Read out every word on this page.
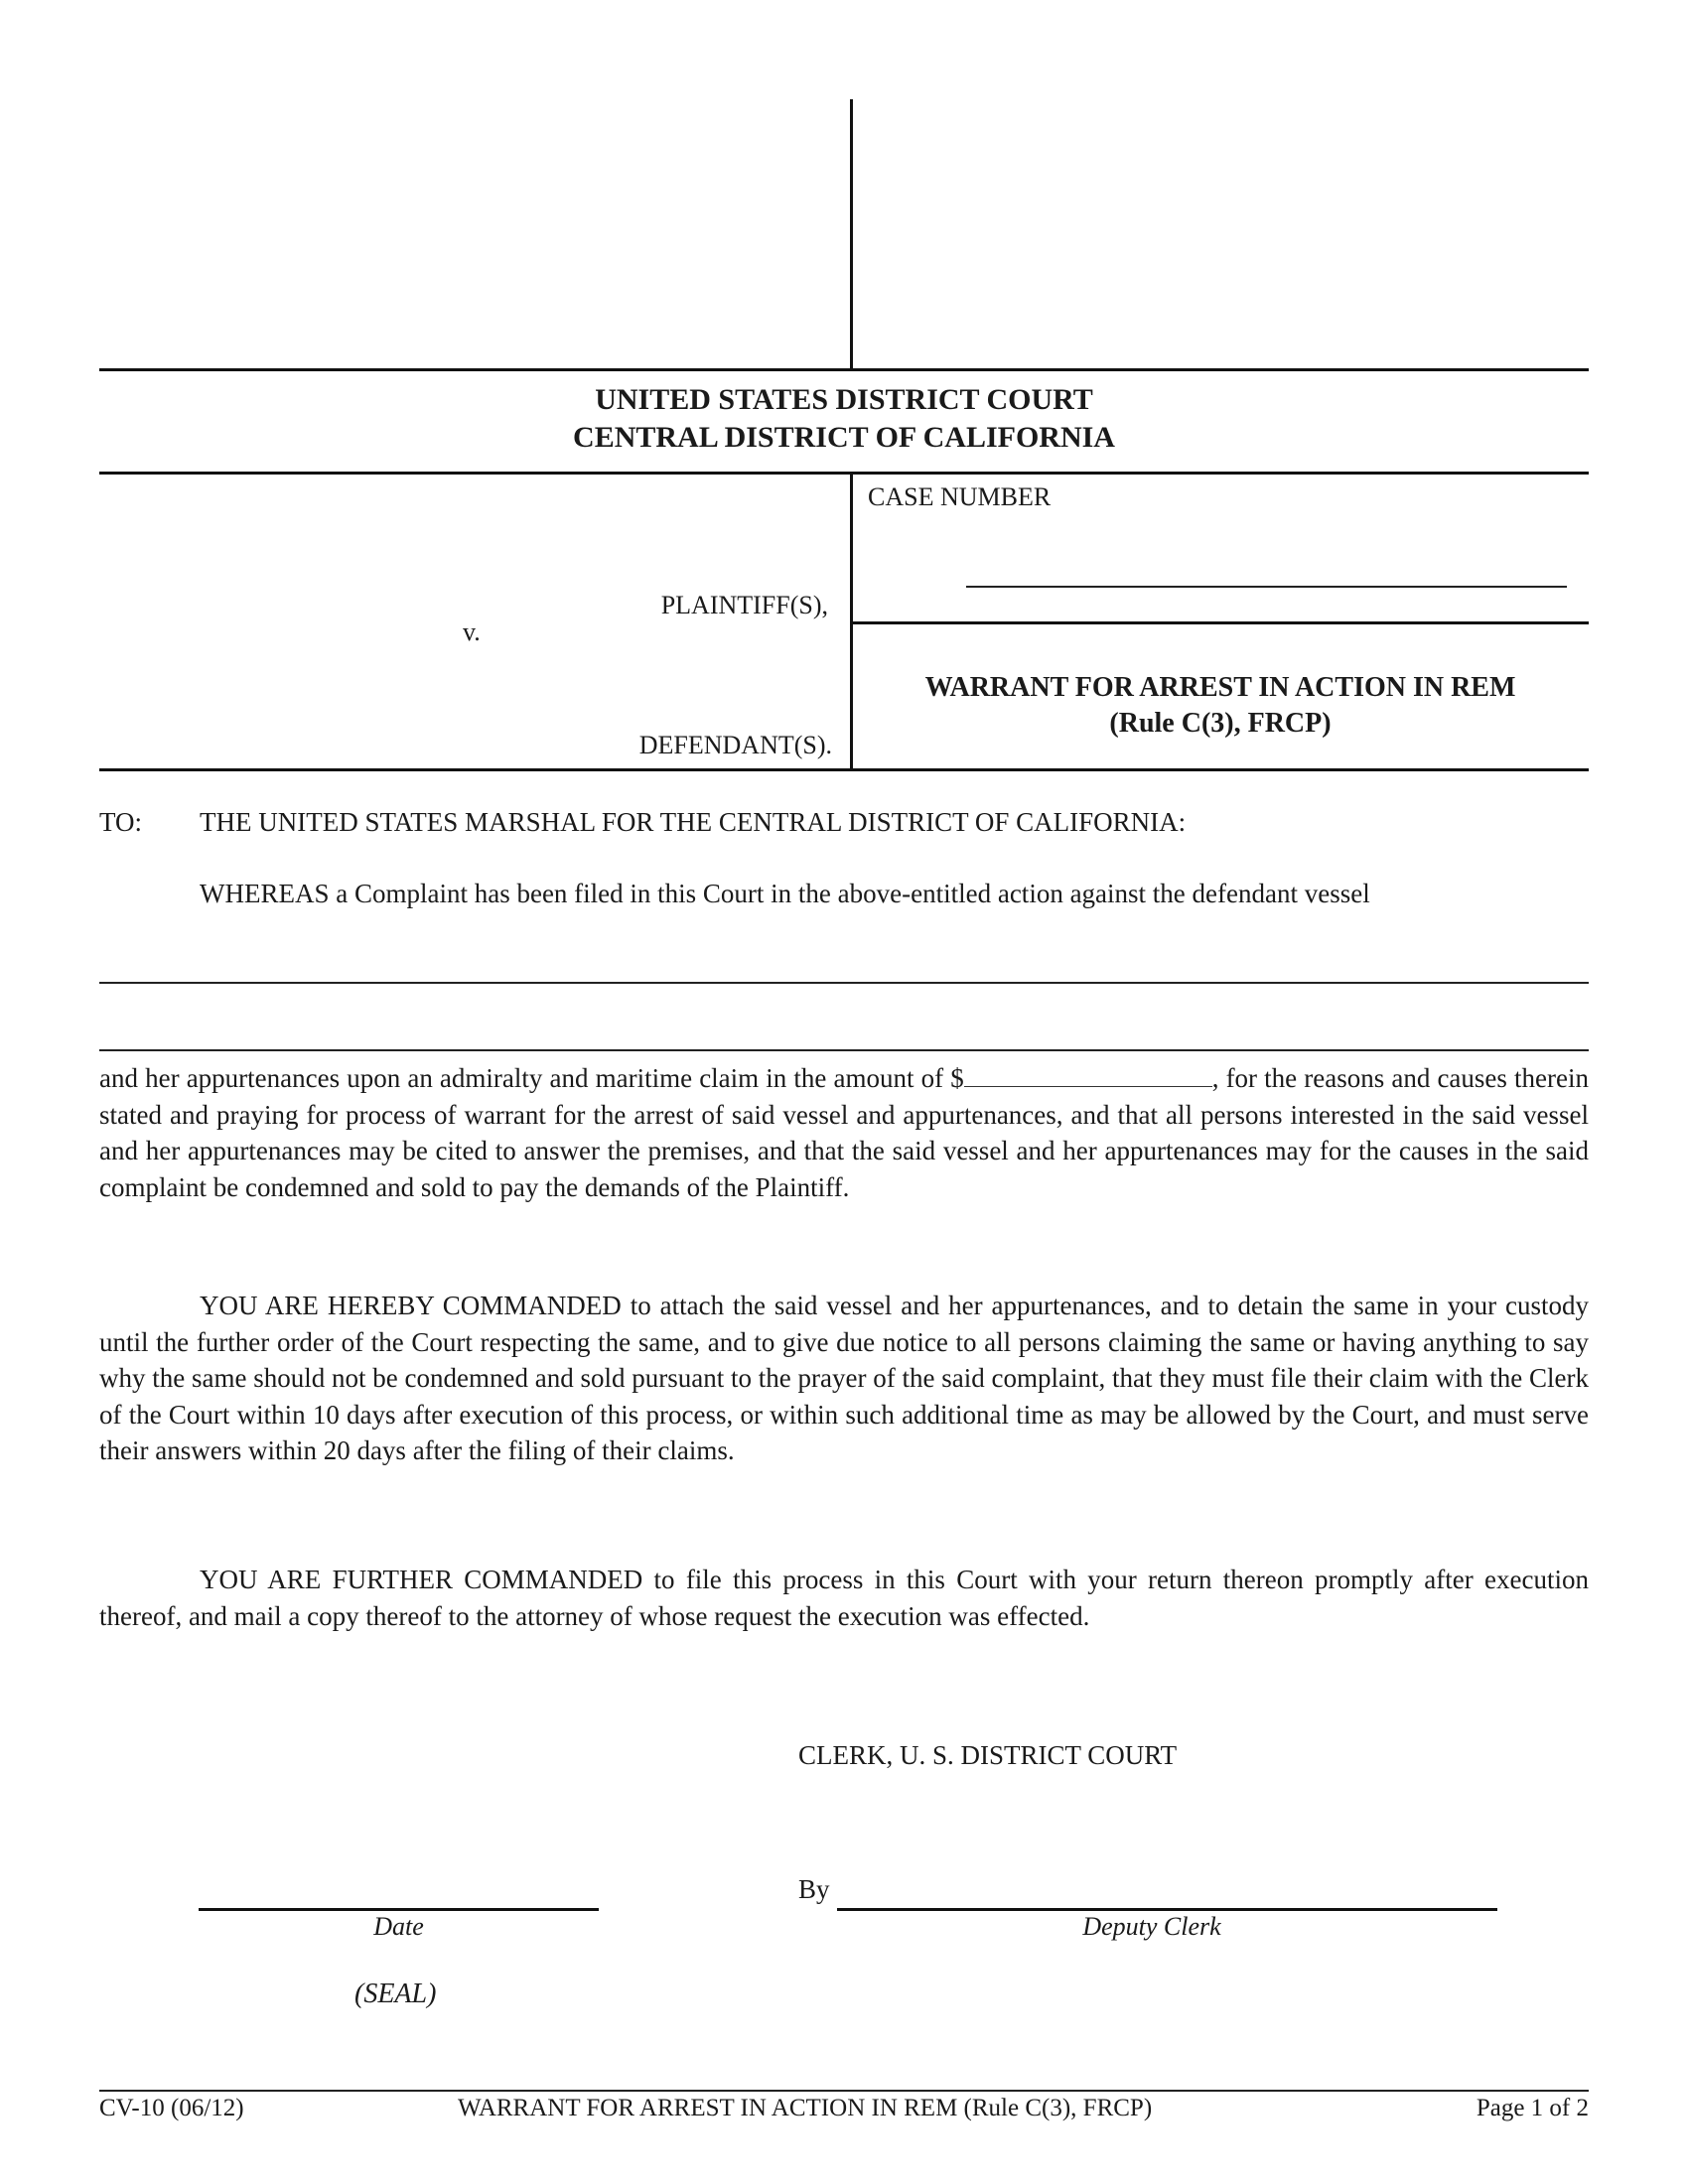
UNITED STATES DISTRICT COURT
CENTRAL DISTRICT OF CALIFORNIA
PLAINTIFF(S),
v.
DEFENDANT(S).
CASE NUMBER
WARRANT FOR ARREST IN ACTION IN REM
(Rule C(3), FRCP)
TO: THE UNITED STATES MARSHAL FOR THE CENTRAL DISTRICT OF CALIFORNIA:
WHEREAS a Complaint has been filed in this Court in the above-entitled action against the defendant vessel

and her appurtenances upon an admiralty and maritime claim in the amount of $	, for the reasons and causes therein stated and praying for process of warrant for the arrest of said vessel and appurtenances, and that all persons interested in the said vessel and her appurtenances may be cited to answer the premises, and that the said vessel and her appurtenances may for the causes in the said complaint be condemned and sold to pay the demands of the Plaintiff.

YOU ARE HEREBY COMMANDED to attach the said vessel and her appurtenances, and to detain the same in your custody until the further order of the Court respecting the same, and to give due notice to all persons claiming the same or having anything to say why the same should not be condemned and sold pursuant to the prayer of the said complaint, that they must file their claim with the Clerk of the Court within 10 days after execution of this process, or within such additional time as may be allowed by the Court, and must serve their answers within 20 days after the filing of their claims.

YOU ARE FURTHER COMMANDED to file this process in this Court with your return thereon promptly after execution thereof, and mail a copy thereof to the attorney of whose request the execution was effected.

CLERK, U. S. DISTRICT COURT
By
Deputy Clerk
Date
(SEAL)
CV-10 (06/12)	WARRANT FOR ARREST IN ACTION IN REM (Rule C(3), FRCP)	Page 1 of 2
